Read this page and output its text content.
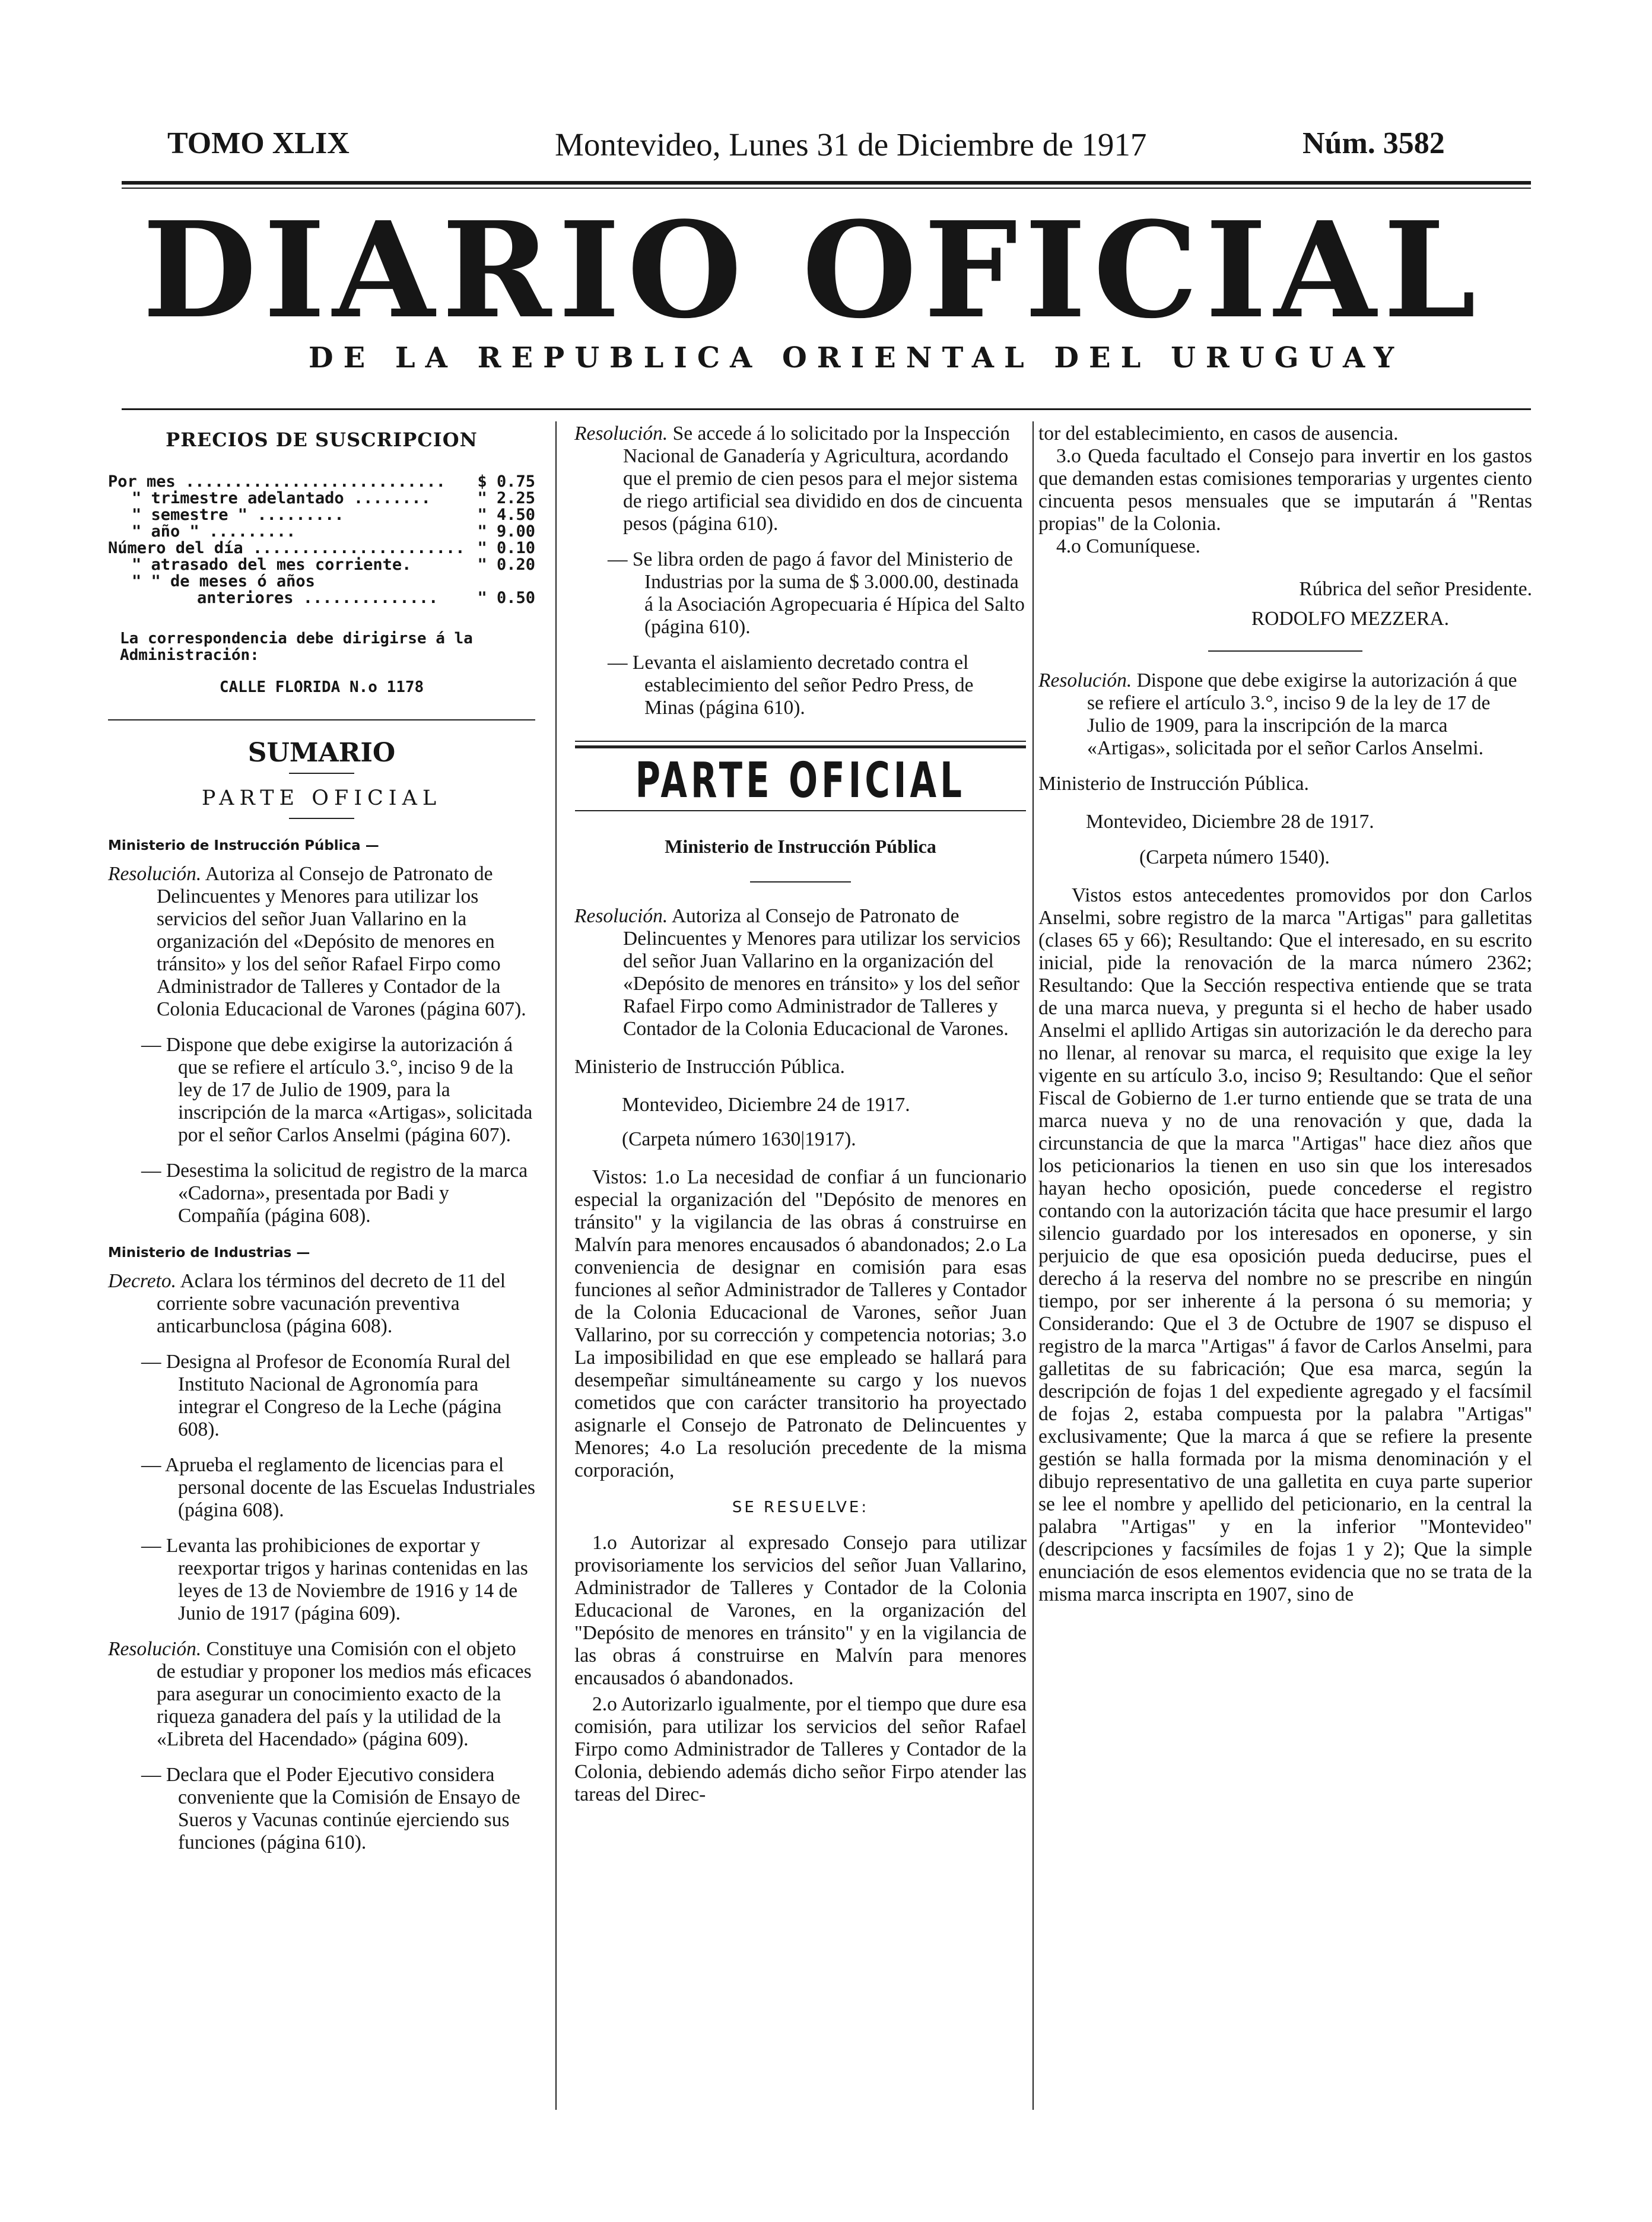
TOMO XLIX	Montevideo, Lunes 31 de Diciembre de 1917	Núm. 3582
DIARIO OFICIAL
DE LA REPUBLICA ORIENTAL DEL URUGUAY

PRECIOS DE SUSCRIPCION

Por mes ........................... $ 0.75
" trimestre adelantado ........	" 2.25
" semestre " .........	" 4.50
" año " .........	" 9.00
Número del día ...................... " 0.10
" atrasado del mes corriente.	" 0.20
" " de meses ó años
anteriores .............. " 0.50

La correspondencia debe dirigirse á la Administración:

CALLE FLORIDA N.o 1178

SUMARIO

PARTE OFICIAL

Ministerio de Instrucción Pública —

Resolución. Autoriza al Consejo de Patronato de Delincuentes y Menores para utilizar los servicios del señor Juan Vallarino en la organización del «Depósito de menores en tránsito» y los del señor Rafael Firpo como Administrador de Talleres y Contador de la Colonia Educacional de Varones (página 607).

— Dispone que debe exigirse la autorización á que se refiere el artículo 3.°, inciso 9 de la ley de 17 de Julio de 1909, para la inscripción de la marca «Artigas», solicitada por el señor Carlos Anselmi (página 607).

— Desestima la solicitud de registro de la marca «Cadorna», presentada por Badi y Compañía (página 608).

Ministerio de Industrias —

Decreto. Aclara los términos del decreto de 11 del corriente sobre vacunación preventiva anticarbunclosa (página 608).

— Designa al Profesor de Economía Rural del Instituto Nacional de Agronomía para integrar el Congreso de la Leche (página 608).

— Aprueba el reglamento de licencias para el personal docente de las Escuelas Industriales (página 608).

— Levanta las prohibiciones de exportar y reexportar trigos y harinas contenidas en las leyes de 13 de Noviembre de 1916 y 14 de Junio de 1917 (página 609).

Resolución. Constituye una Comisión con el objeto de estudiar y proponer los medios más eficaces para asegurar un conocimiento exacto de la riqueza ganadera del país y la utilidad de la «Libreta del Hacendado» (página 609).

— Declara que el Poder Ejecutivo considera conveniente que la Comisión de Ensayo de Sueros y Vacunas continúe ejerciendo sus funciones (página 610).

Resolución. Se accede á lo solicitado por la Inspección Nacional de Ganadería y Agricultura, acordando que el premio de cien pesos para el mejor sistema de riego artificial sea dividido en dos de cincuenta pesos (página 610).

— Se libra orden de pago á favor del Ministerio de Industrias por la suma de $ 3.000.00, destinada á la Asociación Agropecuaria é Hípica del Salto (página 610).

— Levanta el aislamiento decretado contra el establecimiento del señor Pedro Press, de Minas (página 610).

PARTE OFICIAL

Ministerio de Instrucción Pública

Resolución. Autoriza al Consejo de Patronato de Delincuentes y Menores para utilizar los servicios del señor Juan Vallarino en la organización del «Depósito de menores en tránsito» y los del señor Rafael Firpo como Administrador de Talleres y Contador de la Colonia Educacional de Varones.

Ministerio de Instrucción Pública.

Montevideo, Diciembre 24 de 1917.

(Carpeta número 1630|1917).

Vistos: 1.o La necesidad de confiar á un funcionario especial la organización del "Depósito de menores en tránsito" y la vigilancia de las obras á construirse en Malvín para menores encausados ó abandonados; 2.o La conveniencia de designar en comisión para esas funciones al señor Administrador de Talleres y Contador de la Colonia Educacional de Varones, señor Juan Vallarino, por su corrección y competencia notorias; 3.o La imposibilidad en que ese empleado se hallará para desempeñar simultáneamente su cargo y los nuevos cometidos que con carácter transitorio ha proyectado asignarle el Consejo de Patronato de Delincuentes y Menores; 4.o La resolución precedente de la misma corporación,

SE RESUELVE:

1.o Autorizar al expresado Consejo para utilizar provisoriamente los servicios del señor Juan Vallarino, Administrador de Talleres y Contador de la Colonia Educacional de Varones, en la organización del "Depósito de menores en tránsito" y en la vigilancia de las obras á construirse en Malvín para menores encausados ó abandonados.

2.o Autorizarlo igualmente, por el tiempo que dure esa comisión, para utilizar los servicios del señor Rafael Firpo como Administrador de Talleres y Contador de la Colonia, debiendo además dicho señor Firpo atender las tareas del Direc-

tor del establecimiento, en casos de ausencia.

3.o Queda facultado el Consejo para invertir en los gastos que demanden estas comisiones temporarias y urgentes ciento cincuenta pesos mensuales que se imputarán á "Rentas propias" de la Colonia.

4.o Comuníquese.

Rúbrica del señor Presidente.

RODOLFO MEZZERA.

Resolución. Dispone que debe exigirse la autorización á que se refiere el artículo 3.°, inciso 9 de la ley de 17 de Julio de 1909, para la inscripción de la marca «Artigas», solicitada por el señor Carlos Anselmi.

Ministerio de Instrucción Pública.

Montevideo, Diciembre 28 de 1917.

(Carpeta número 1540).

Vistos estos antecedentes promovidos por don Carlos Anselmi, sobre registro de la marca "Artigas" para galletitas (clases 65 y 66); Resultando: Que el interesado, en su escrito inicial, pide la renovación de la marca número 2362; Resultando: Que la Sección respectiva entiende que se trata de una marca nueva, y pregunta si el hecho de haber usado Anselmi el apllido Artigas sin autorización le da derecho para no llenar, al renovar su marca, el requisito que exige la ley vigente en su artículo 3.o, inciso 9; Resultando: Que el señor Fiscal de Gobierno de 1.er turno entiende que se trata de una marca nueva y no de una renovación y que, dada la circunstancia de que la marca "Artigas" hace diez años que los peticionarios la tienen en uso sin que los interesados hayan hecho oposición, puede concederse el registro contando con la autorización tácita que hace presumir el largo silencio guardado por los interesados en oponerse, y sin perjuicio de que esa oposición pueda deducirse, pues el derecho á la reserva del nombre no se prescribe en ningún tiempo, por ser inherente á la persona ó su memoria; y Considerando: Que el 3 de Octubre de 1907 se dispuso el registro de la marca "Artigas" á favor de Carlos Anselmi, para galletitas de su fabricación; Que esa marca, según la descripción de fojas 1 del expediente agregado y el facsímil de fojas 2, estaba compuesta por la palabra "Artigas" exclusivamente; Que la marca á que se refiere la presente gestión se halla formada por la misma denominación y el dibujo representativo de una galletita en cuya parte superior se lee el nombre y apellido del peticionario, en la central la palabra "Artigas" y en la inferior "Montevideo" (descripciones y facsímiles de fojas 1 y 2); Que la simple enunciación de esos elementos evidencia que no se trata de la misma marca inscripta en 1907, sino de
